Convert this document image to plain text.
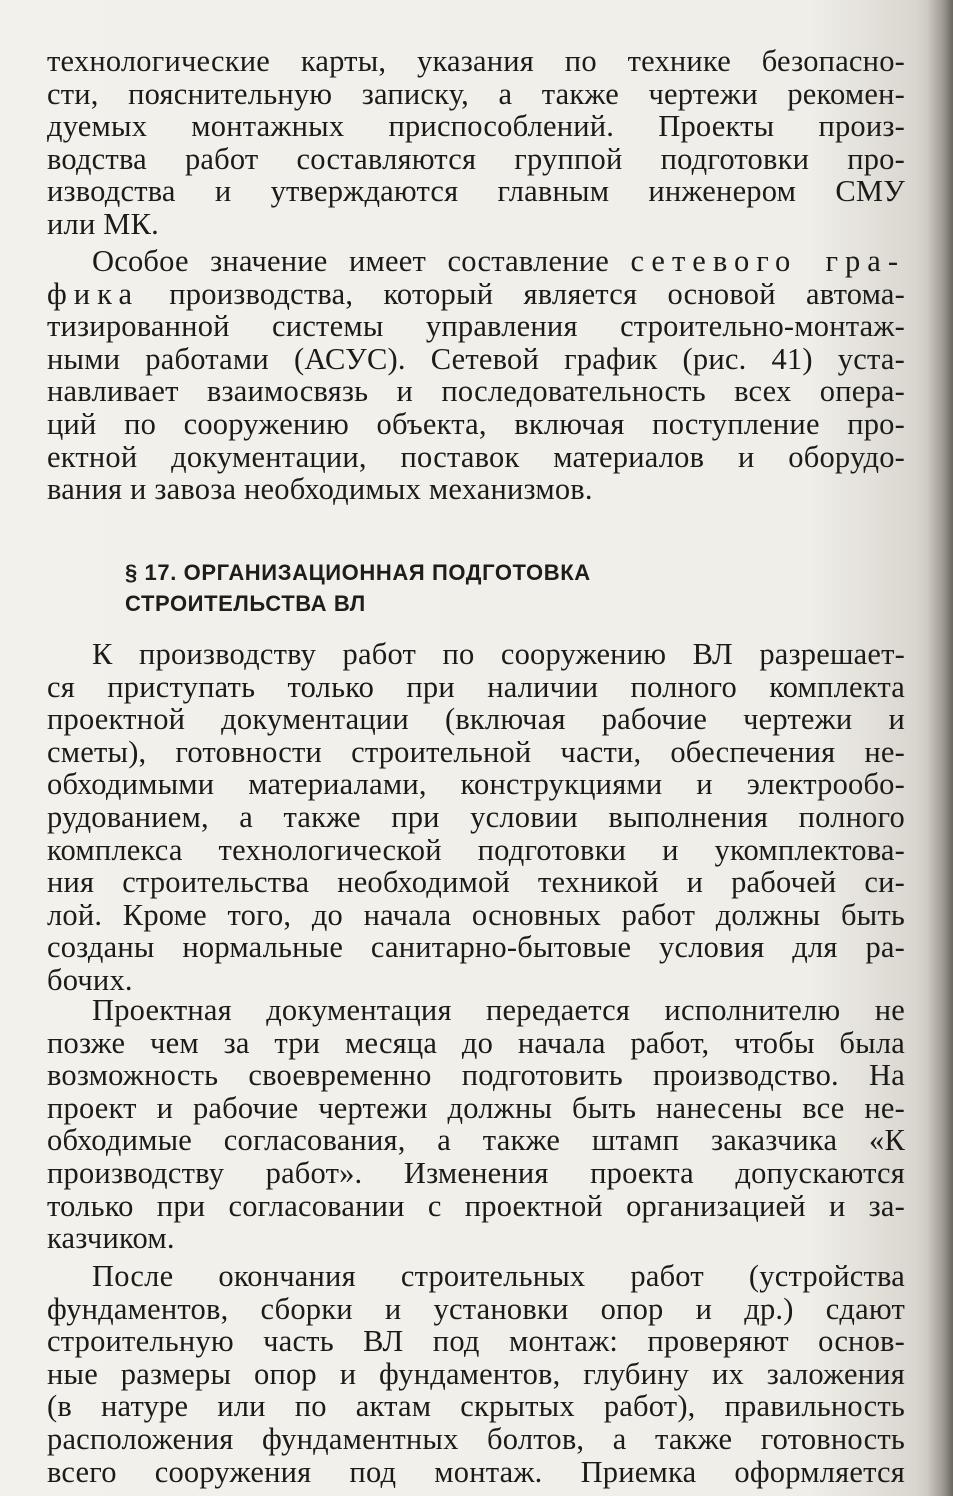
технологические карты, указания по технике безопасно-
сти, пояснительную записку, а также чертежи рекомен-
дуемых монтажных приспособлений. Проекты произ-
водства работ составляются группой подготовки про-
изводства и утверждаются главным инженером СМУ
или МК.
Особое значение имеет составление сетевого гра-
фика производства, который является основой автома-
тизированной системы управления строительно-монтаж-
ными работами (АСУС). Сетевой график (рис. 41) уста-
навливает взаимосвязь и последовательность всех опера-
ций по сооружению объекта, включая поступление про-
ектной документации, поставок материалов и оборудо-
вания и завоза необходимых механизмов.
§ 17. ОРГАНИЗАЦИОННАЯ ПОДГОТОВКА
СТРОИТЕЛЬСТВА ВЛ
К производству работ по сооружению ВЛ разрешает-
ся приступать только при наличии полного комплекта
проектной документации (включая рабочие чертежи и
сметы), готовности строительной части, обеспечения не-
обходимыми материалами, конструкциями и электрообо-
рудованием, а также при условии выполнения полного
комплекса технологической подготовки и укомплектова-
ния строительства необходимой техникой и рабочей си-
лой. Кроме того, до начала основных работ должны быть
созданы нормальные санитарно-бытовые условия для ра-
бочих.
Проектная документация передается исполнителю не
позже чем за три месяца до начала работ, чтобы была
возможность своевременно подготовить производство. На
проект и рабочие чертежи должны быть нанесены все не-
обходимые согласования, а также штамп заказчика «К
производству работ». Изменения проекта допускаются
только при согласовании с проектной организацией и за-
казчиком.
После окончания строительных работ (устройства
фундаментов, сборки и установки опор и др.) сдают
строительную часть ВЛ под монтаж: проверяют основ-
ные размеры опор и фундаментов, глубину их заложения
(в натуре или по актам скрытых работ), правильность
расположения фундаментных болтов, а также готовность
всего сооружения под монтаж. Приемка оформляется
